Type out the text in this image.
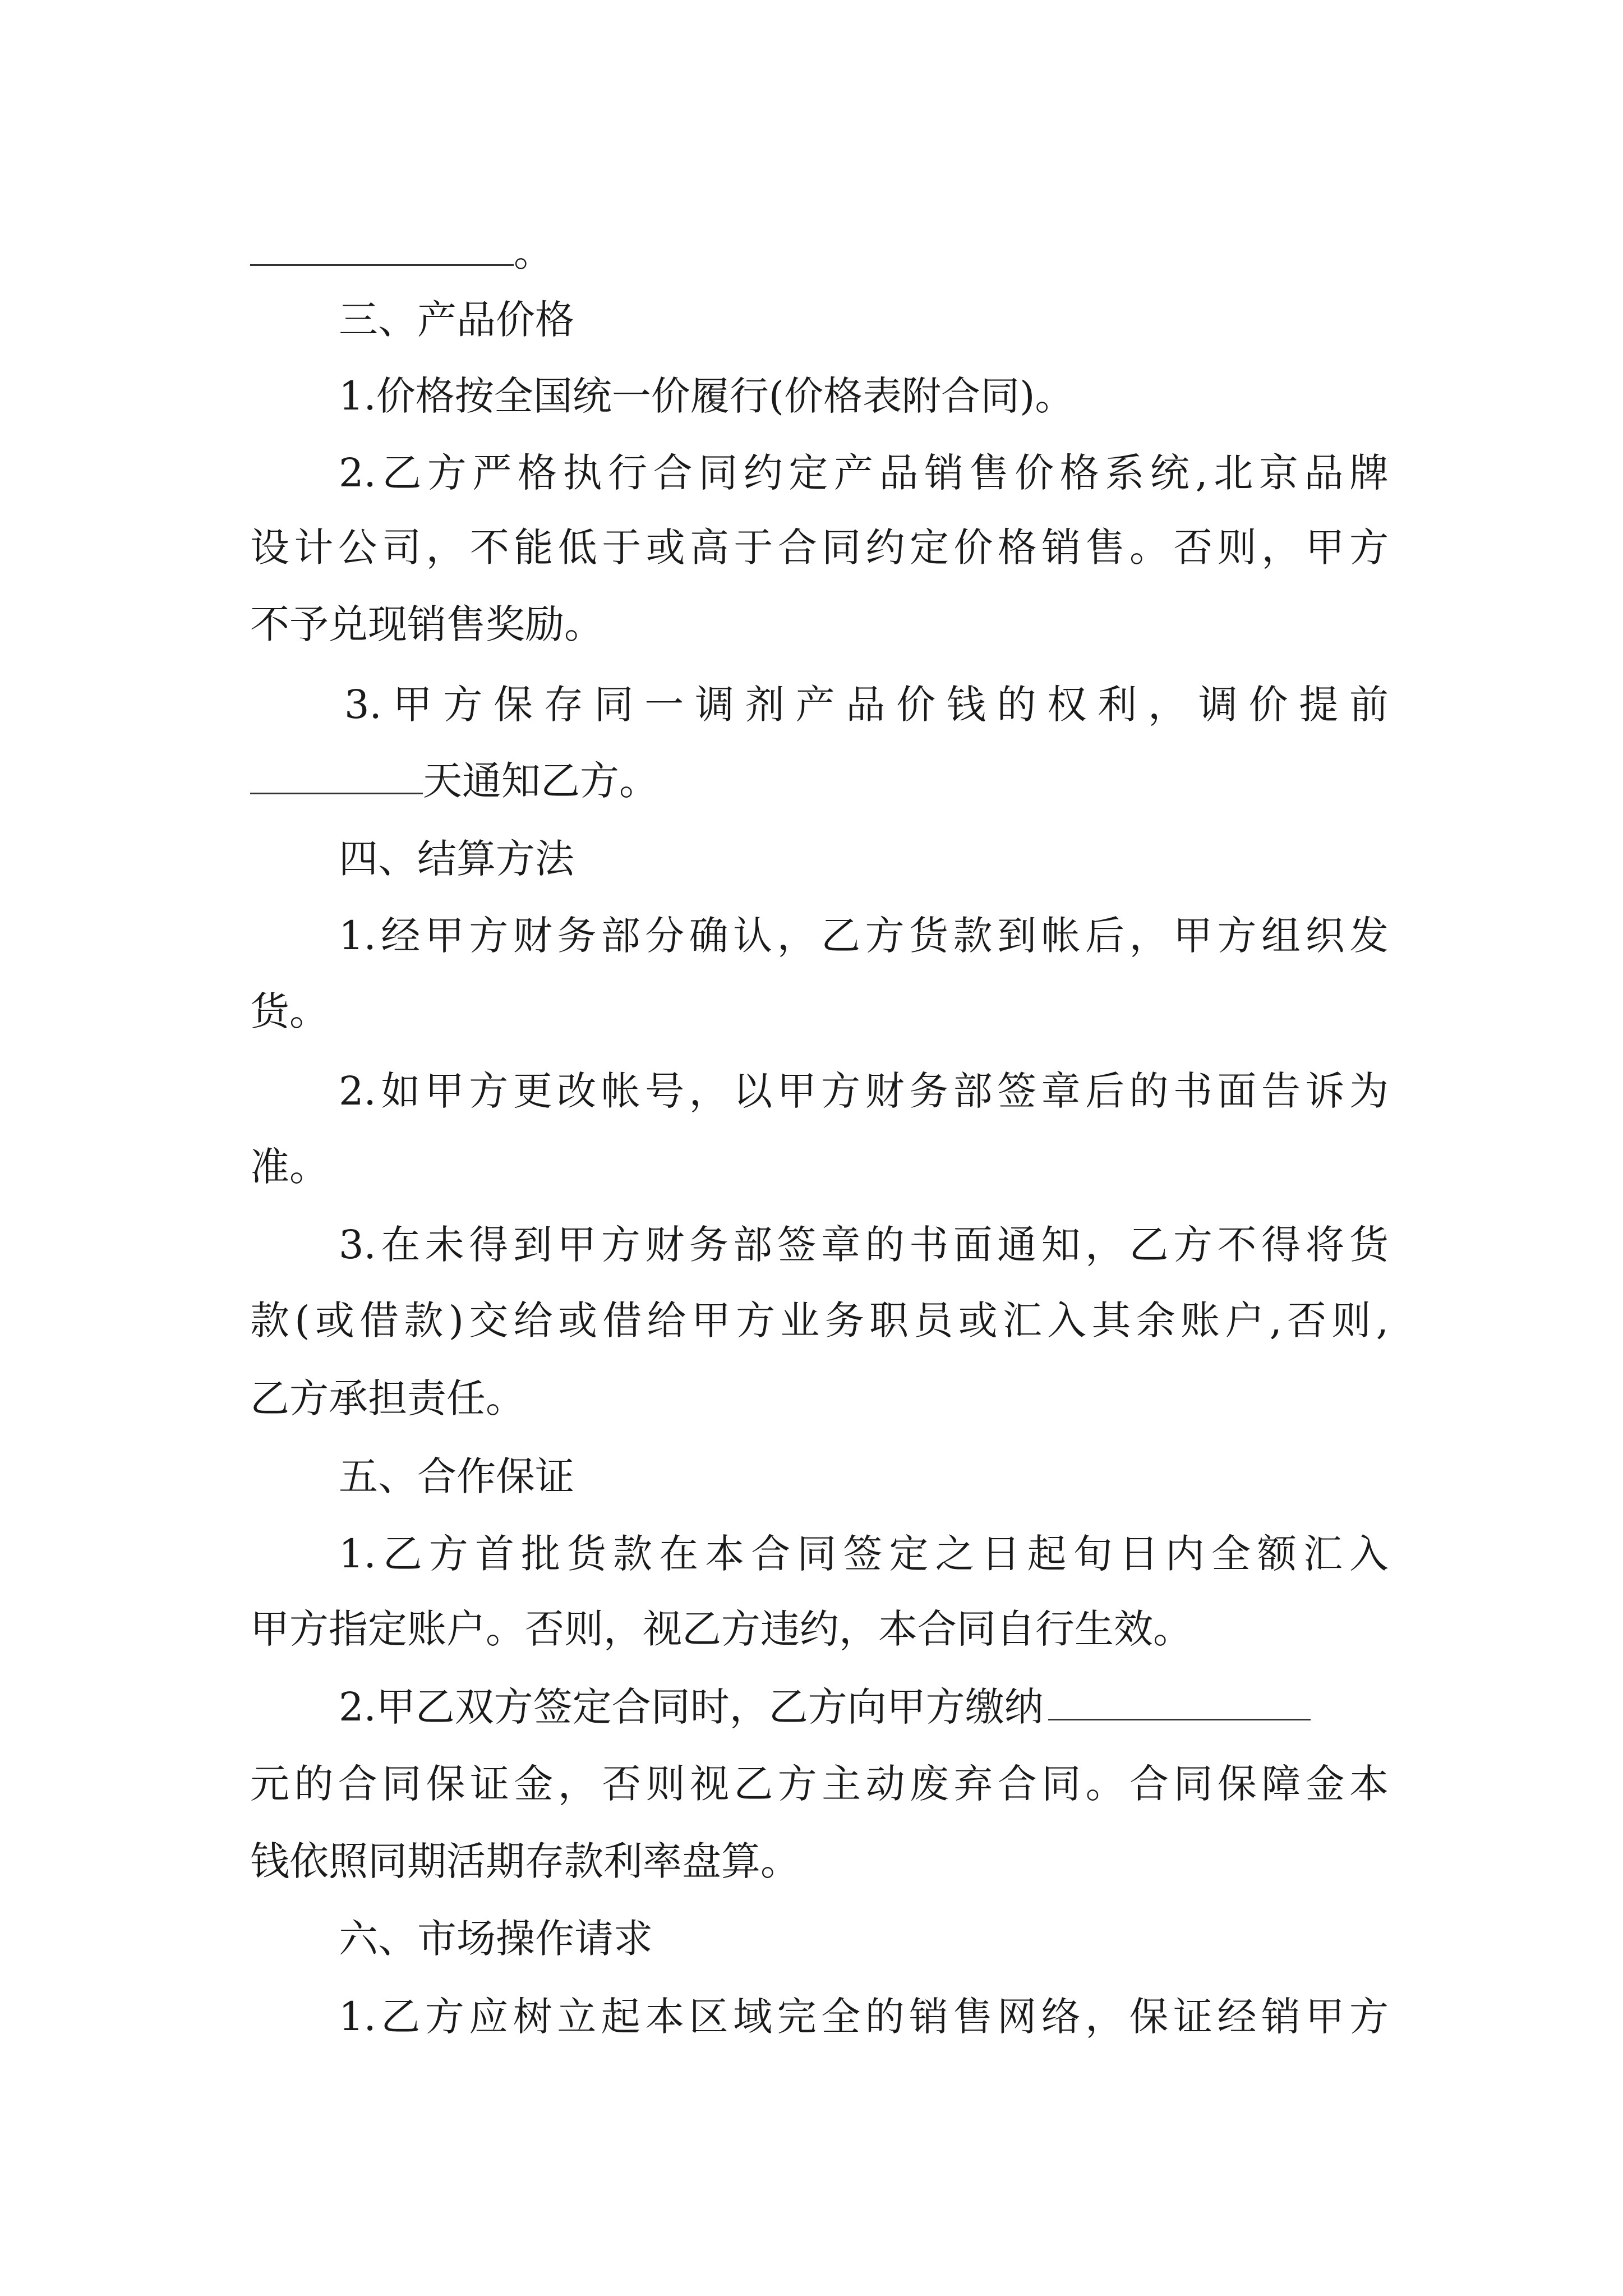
。
三、产品价格
1.价格按全国统一价履行(价格表附合同)。
2.乙方严格执行合同约定产品销售价格系统,北京品牌
设计公司，不能低于或高于合同约定价格销售。否则，甲方
不予兑现销售奖励。
3.甲方保存同一调剂产品价钱的权利，调价提前
天通知乙方。
四、结算方法
1.经甲方财务部分确认，乙方货款到帐后，甲方组织发
货。
2.如甲方更改帐号，以甲方财务部签章后的书面告诉为
准。
3.在未得到甲方财务部签章的书面通知，乙方不得将货
款(或借款)交给或借给甲方业务职员或汇入其余账户,否则,
乙方承担责任。
五、合作保证
1.乙方首批货款在本合同签定之日起旬日内全额汇入
甲方指定账户。否则，视乙方违约，本合同自行生效。
2.甲乙双方签定合同时，乙方向甲方缴纳
元的合同保证金，否则视乙方主动废弃合同。合同保障金本
钱依照同期活期存款利率盘算。
六、市场操作请求
1.乙方应树立起本区域完全的销售网络，保证经销甲方
